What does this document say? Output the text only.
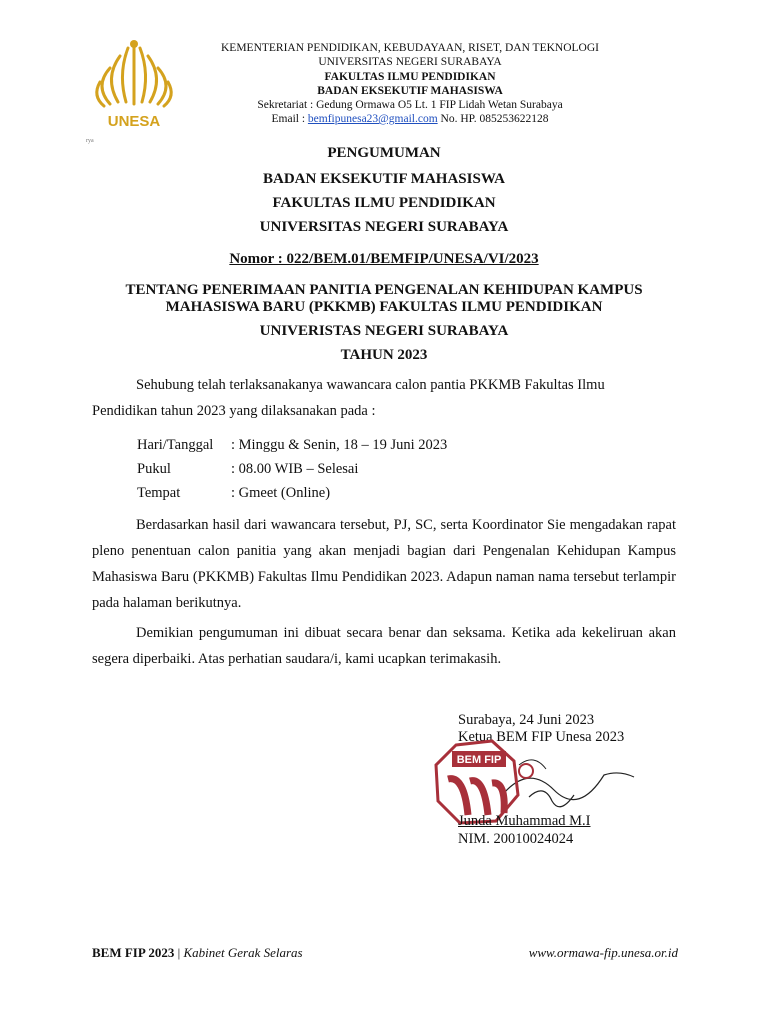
UNESA
KEMENTERIAN PENDIDIKAN, KEBUDAYAAN, RISET, DAN TEKNOLOGI
UNIVERSITAS NEGERI SURABAYA
FAKULTAS ILMU PENDIDIKAN
BADAN EKSEKUTIF MAHASISWA
Sekretariat : Gedung Ormawa O5 Lt. 1 FIP Lidah Wetan Surabaya
Email : bemfipunesa23@gmail.com No. HP. 085253622128
rya
PENGUMUMAN
BADAN EKSEKUTIF MAHASISWA
FAKULTAS ILMU PENDIDIKAN
UNIVERSITAS NEGERI SURABAYA
Nomor : 022/BEM.01/BEMFIP/UNESA/VI/2023
TENTANG PENERIMAAN PANITIA PENGENALAN KEHIDUPAN KAMPUS
MAHASISWA BARU (PKKMB) FAKULTAS ILMU PENDIDIKAN
UNIVERISTAS NEGERI SURABAYA
TAHUN 2023
Sehubung telah terlaksanakanya wawancara calon pantia PKKMB Fakultas Ilmu
Pendidikan tahun 2023 yang dilaksanakan pada :
Hari/Tanggal : Minggu & Senin, 18 – 19 Juni 2023
Pukul	: 08.00 WIB – Selesai
Tempat	: Gmeet (Online)
Berdasarkan hasil dari wawancara tersebut, PJ, SC, serta Koordinator Sie mengadakan rapat pleno penentuan calon panitia yang akan menjadi bagian dari Pengenalan Kehidupan Kampus Mahasiswa Baru (PKKMB) Fakultas Ilmu Pendidikan 2023. Adapun naman nama tersebut terlampir pada halaman berikutnya.
Demikian pengumuman ini dibuat secara benar dan seksama. Ketika ada kekeliruan akan segera diperbaiki. Atas perhatian saudara/i, kami ucapkan terimakasih.
Surabaya, 24 Juni 2023
Ketua BEM FIP Unesa 2023
BEM FIP
Junda Muhammad M.I
NIM. 20010024024
BEM FIP 2023 | Kabinet Gerak Selaras	www.ormawa-fip.unesa.or.id
